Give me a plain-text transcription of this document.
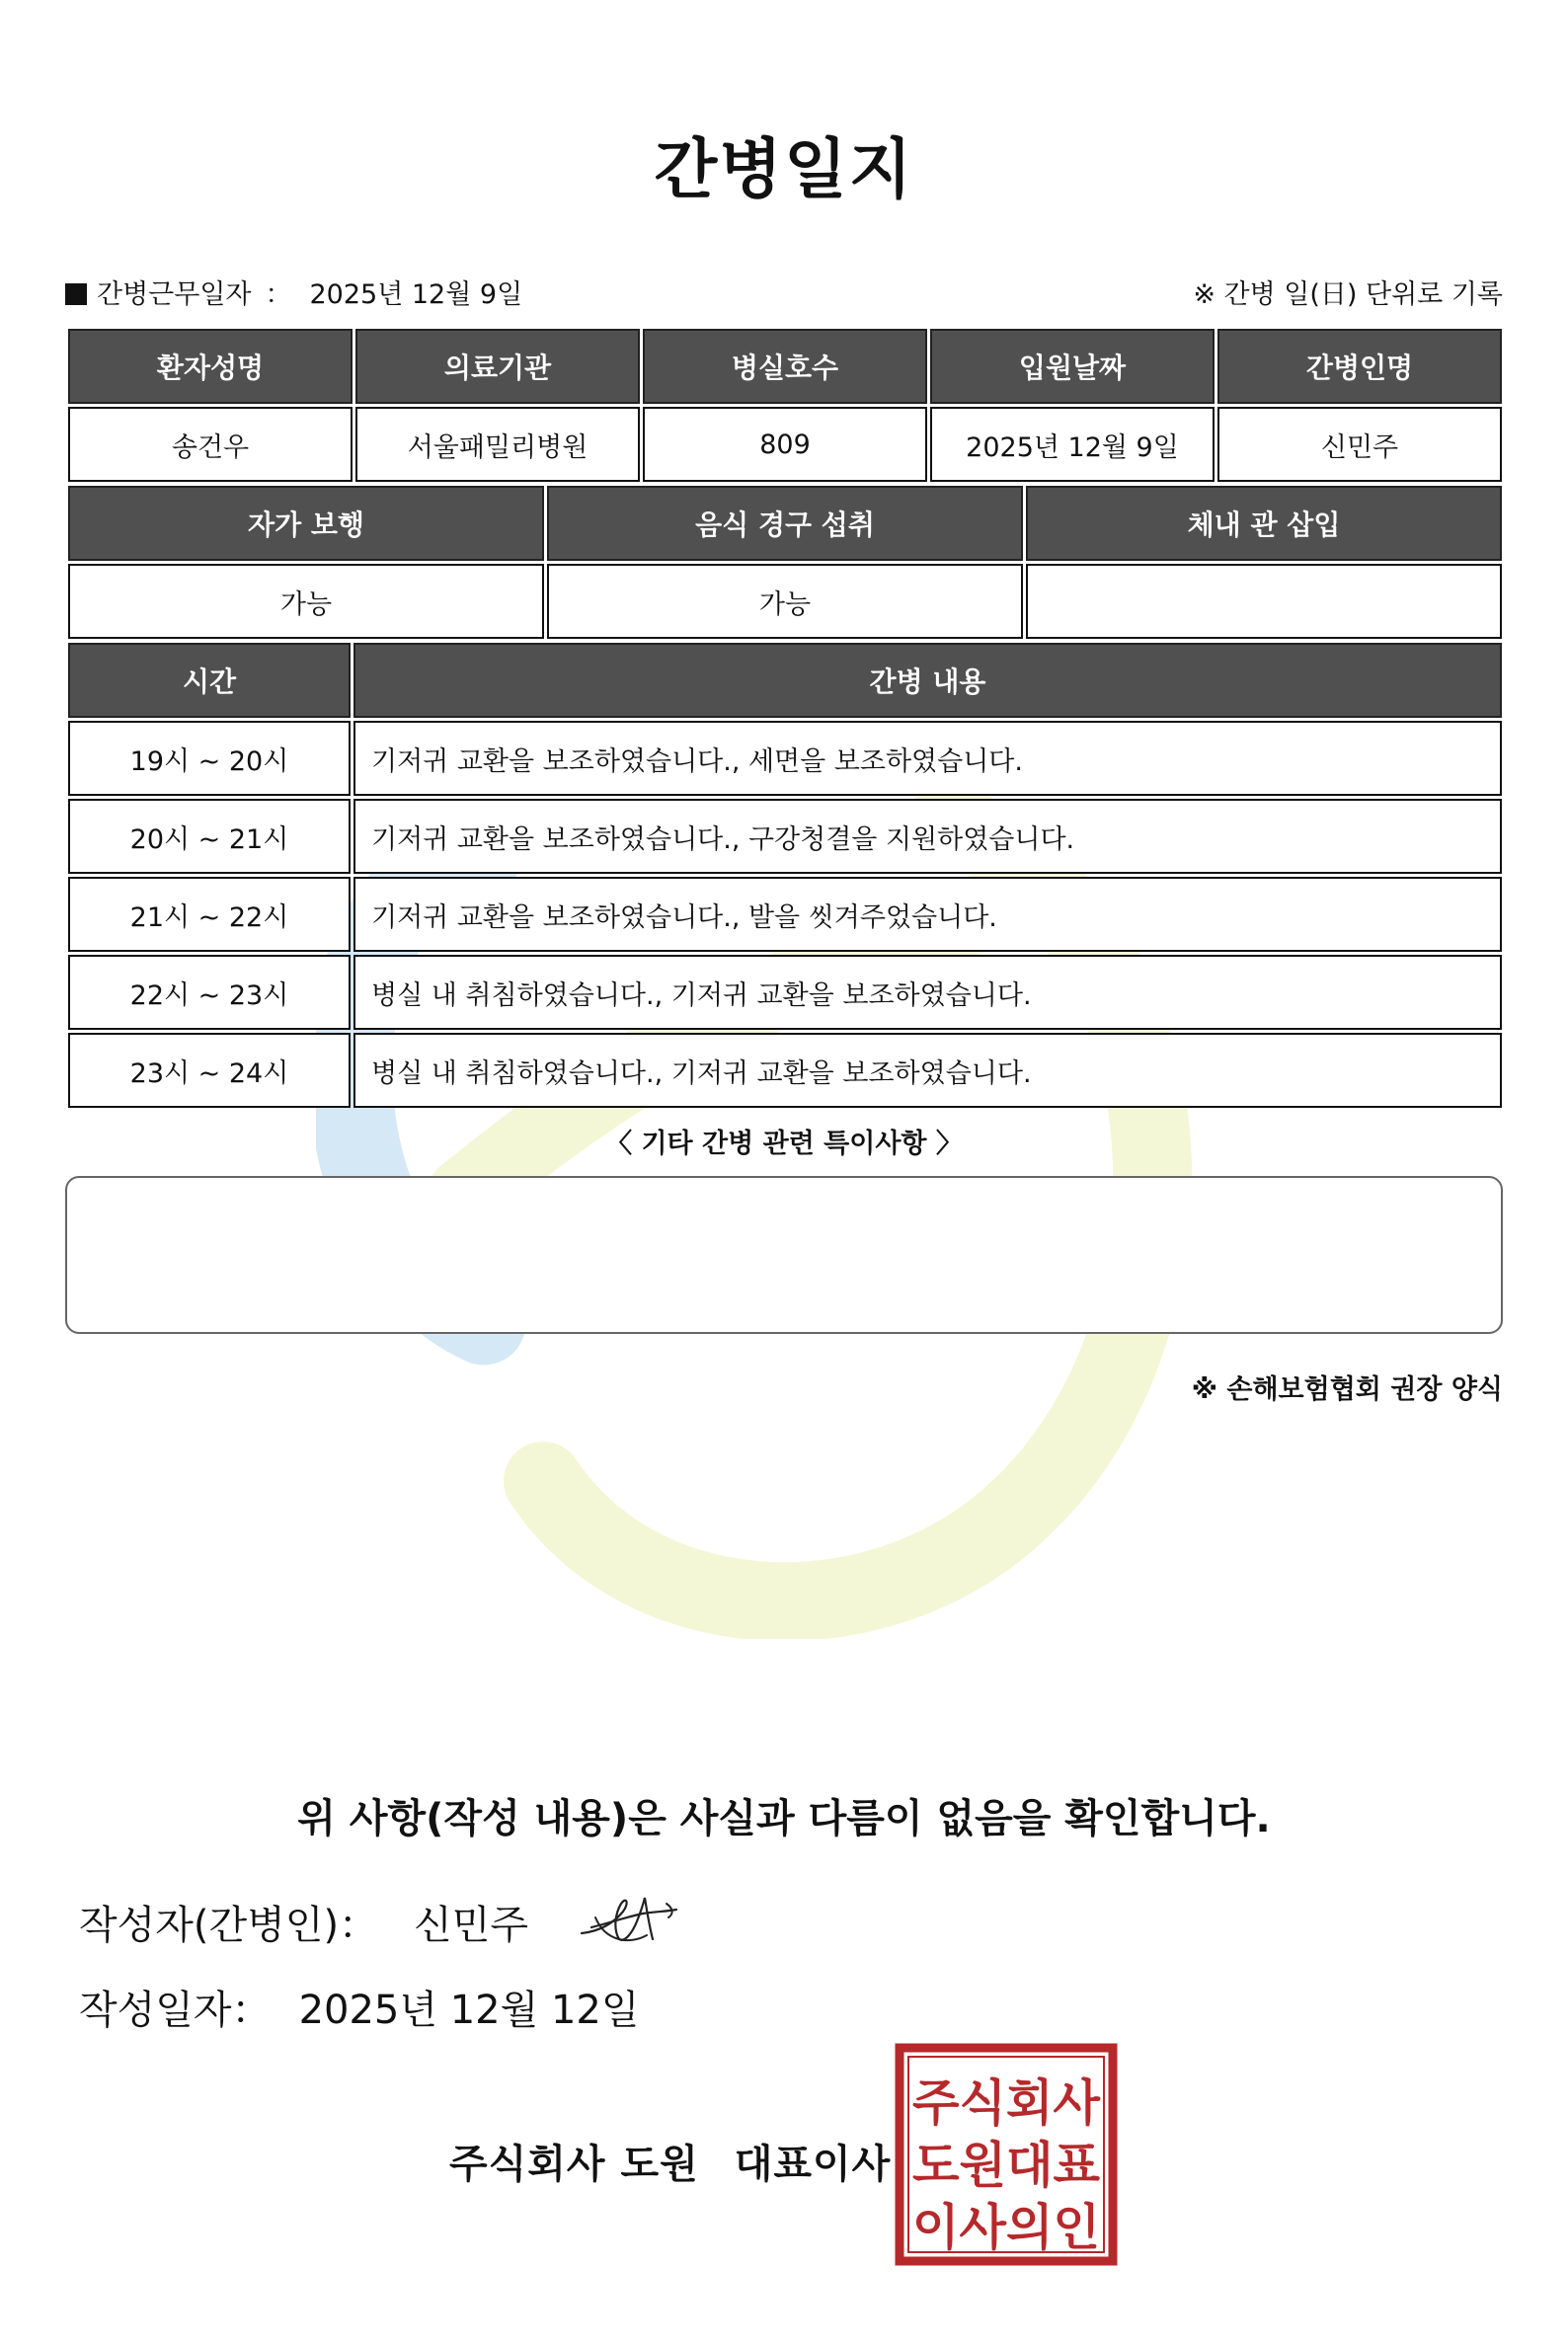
간병일지
간병근무일자 ： 2025년 12월 9일	※ 간병 일(日) 단위로 기록
환자성명	의료기관	병실호수	입원날짜	간병인명
송건우	서울패밀리병원	809	2025년 12월 9일	신민주
자가 보행	음식 경구 섭취	체내 관 삽입
가능	가능	
시간	간병 내용
19시 ~ 20시	기저귀 교환을 보조하였습니다., 세면을 보조하였습니다.
20시 ~ 21시	기저귀 교환을 보조하였습니다., 구강청결을 지원하였습니다.
21시 ~ 22시	기저귀 교환을 보조하였습니다., 발을 씻겨주었습니다.
22시 ~ 23시	병실 내 취침하였습니다., 기저귀 교환을 보조하였습니다.
23시 ~ 24시	병실 내 취침하였습니다., 기저귀 교환을 보조하였습니다.
〈 기타 간병 관련 특이사항 〉
※ 손해보험협회 권장 양식
위 사항(작성 내용)은 사실과 다름이 없음을 확인합니다.
작성자(간병인)： 신민주
작성일자： 2025년 12월 12일
주식회사 도원 대표이사
주식회사
도원대표
이사의인
